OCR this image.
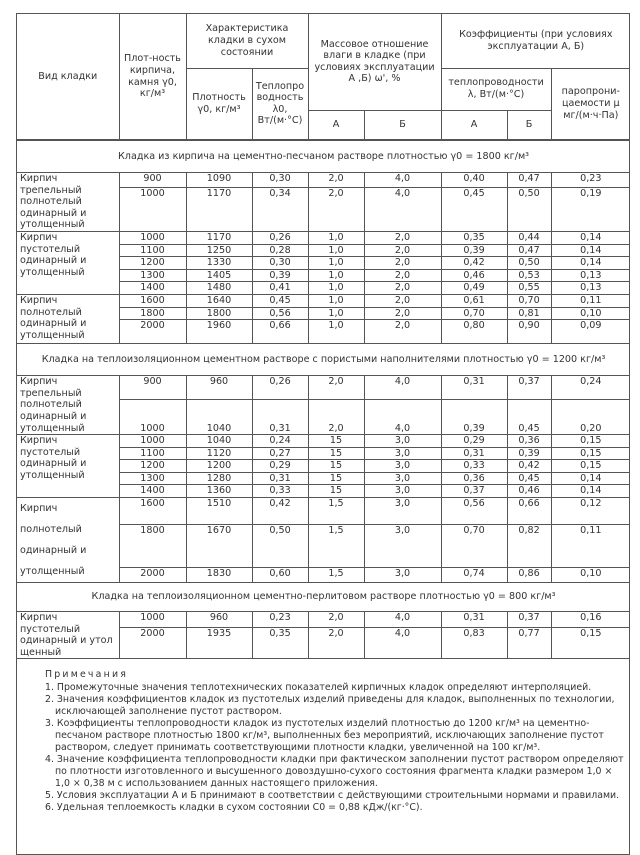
Вид кладки	Плот-ность кирпича, камня γ0, кг/м³	Характеристика кладки в сухом состоянии		Массовое отношение влаги в кладке (при условиях эксплуатации А ,Б) ω', %		Коэффициенты (при условиях эксплуатации А, Б)		
		Плотность γ0, кг/м³	Теплопро водность λ0, Вт/(м·°С)			теплопроводности λ, Вт/(м·°С)		паропрони-цаемости μ мг/(м·ч·Па)
				А	Б	А	Б	
Кладка из кирпича на цементно-песчаном растворе плотностью γ0 = 1800 кг/м³								
Кирпич трепельный полнотелый одинарный и утолщенный	900	1090	0,30	2,0	4,0	0,40	0,47	0,23
	1000	1170	0,34	2,0	4,0	0,45	0,50	0,19
Кирпич пустотелый одинарный и утолщенный	1000	1170	0,26	1,0	2,0	0,35	0,44	0,14
	1100	1250	0,28	1,0	2,0	0,39	0,47	0,14
	1200	1330	0,30	1,0	2,0	0,42	0,50	0,14
	1300	1405	0,39	1,0	2,0	0,46	0,53	0,13
	1400	1480	0,41	1,0	2,0	0,49	0,55	0,13
Кирпич полнотелый одинарный и утолщенный	1600	1640	0,45	1,0	2,0	0,61	0,70	0,11
	1800	1800	0,56	1,0	2,0	0,70	0,81	0,10
	2000	1960	0,66	1,0	2,0	0,80	0,90	0,09
Кладка на теплоизоляционном цементном растворе с пористыми наполнителями плотностью γ0 = 1200 кг/м³								
Кирпич трепельный полнотелый одинарный и утолщенный	900	960	0,26	2,0	4,0	0,31	0,37	0,24
	1000	1040	0,31	2,0	4,0	0,39	0,45	0,20
Кирпич пустотелый одинарный и утолщенный	1000	1040	0,24	15	3,0	0,29	0,36	0,15
	1100	1120	0,27	15	3,0	0,31	0,39	0,15
	1200	1200	0,29	15	3,0	0,33	0,42	0,15
	1300	1280	0,31	15	3,0	0,36	0,45	0,14
	1400	1360	0,33	15	3,0	0,37	0,46	0,14
Кирпич полнотелый одинарный и утолщенный	1600	1510	0,42	1,5	3,0	0,56	0,66	0,12
	1800	1670	0,50	1,5	3,0	0,70	0,82	0,11
	2000	1830	0,60	1,5	3,0	0,74	0,86	0,10
Кладка на теплоизоляционном цементно-перлитовом растворе плотностью γ0 = 800 кг/м³								
Кирпич пустотелый одинарный и утол щенный	1000	960	0,23	2,0	4,0	0,31	0,37	0,16
	2000	1935	0,35	2,0	4,0	0,83	0,77	0,15
Примечания
1. Промежуточные значения теплотехнических показателей кирпичных кладок определяют интерполяцией.
2. Значения коэффициентов кладок из пустотелых изделий приведены для кладок, выполненных по технологии, исключающей заполнение пустот раствором.
3. Коэффициенты теплопроводности кладок из пустотелых изделий плотностью до 1200 кг/м³ на цементно-песчаном растворе плотностью 1800 кг/м³, выполненных без мероприятий, исключающих заполнение пустот раствором, следует принимать соответствующими плотности кладки, увеличенной на 100 кг/м³.
4. Значение коэффициента теплопроводности кладки при фактическом заполнении пустот раствором определяют по плотности изготовленного и высушенного довоздушно-сухого состояния фрагмента кладки размером 1,0 × 1,0 × 0,38 м с использованием данных настоящего приложения.
5. Условия эксплуатации А и Б принимают в соответствии с действующими строительными нормами и правилами.
6. Удельная теплоемкость кладки в сухом состоянии C0 = 0,88 кДж/(кг·°С).
